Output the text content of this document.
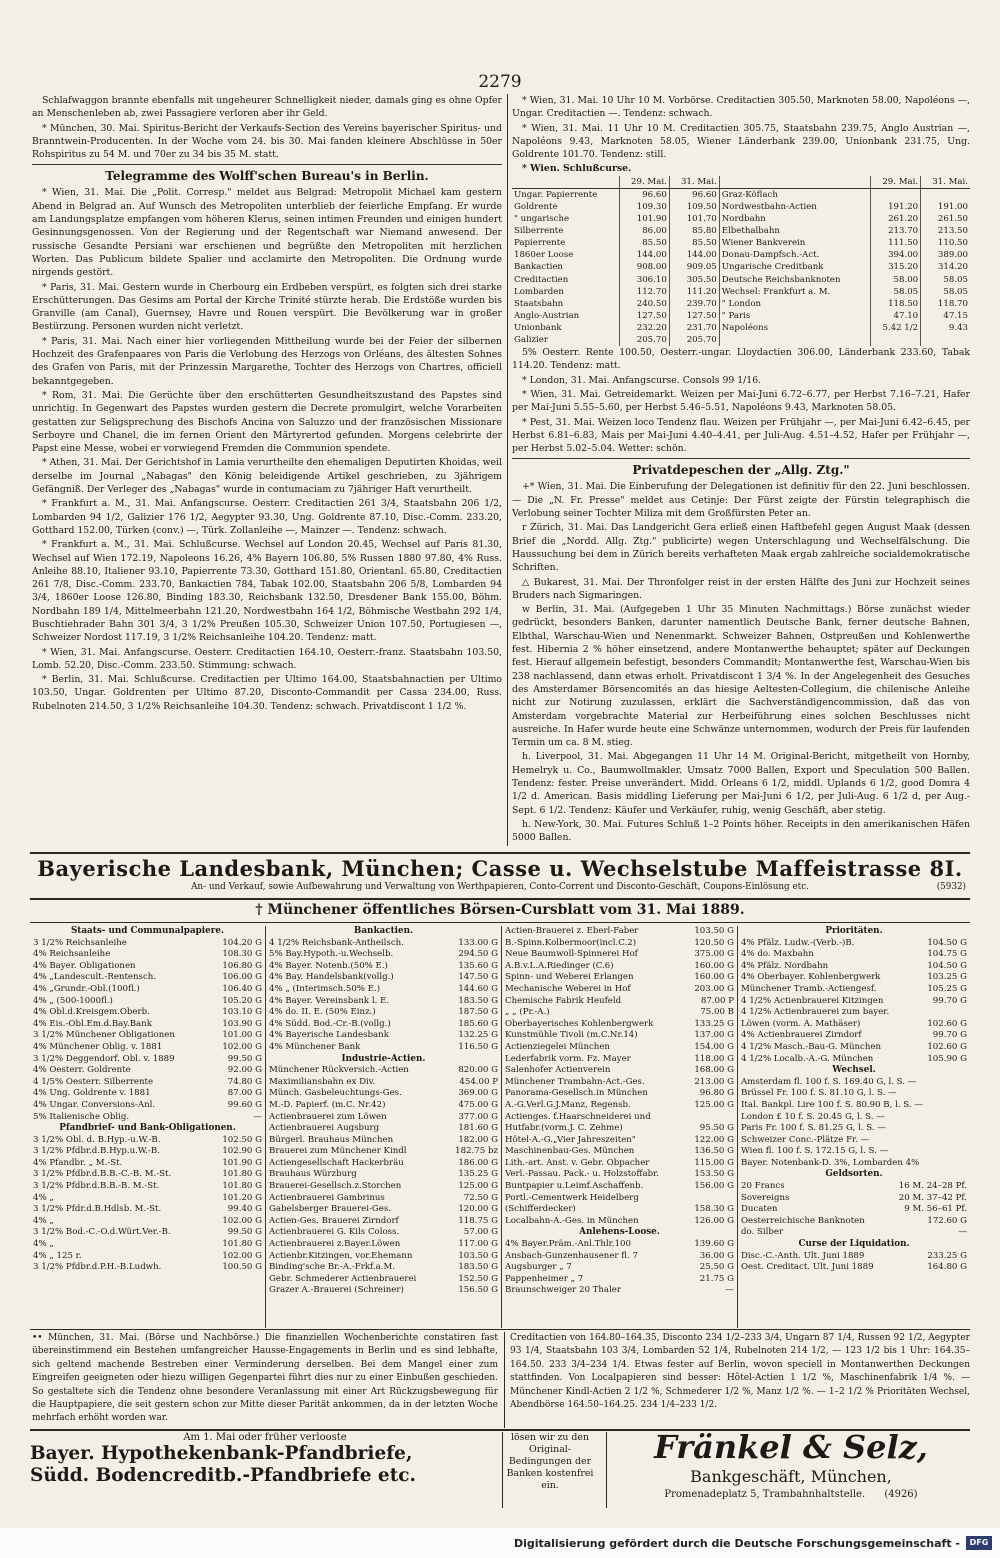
2279

Schlafwaggon brannte ebenfalls mit ungeheurer Schnelligkeit nieder, damals ging es ohne Opfer an Menschenleben ab, zwei Passagiere verloren aber ihr Geld.

* München, 30. Mai. Spiritus-Bericht der Verkaufs-Section des Vereins bayerischer Spiritus- und Branntwein-Producenten. In der Woche vom 24. bis 30. Mai fanden kleinere Abschlüsse in 50er Rohspiritus zu 54 M. und 70er zu 34 bis 35 M. statt.

Telegramme des Wolff'schen Bureau's in Berlin.

* Wien, 31. Mai. Die „Polit. Corresp." meldet aus Belgrad: Metropolit Michael kam gestern Abend in Belgrad an. Auf Wunsch des Metropoliten unterblieb der feierliche Empfang. Er wurde am Landungsplatze empfangen vom höheren Klerus, seinen intimen Freunden und einigen hundert Gesinnungsgenossen. Von der Regierung und der Regentschaft war Niemand anwesend. Der russische Gesandte Persiani war erschienen und begrüßte den Metropoliten mit herzlichen Worten. Das Publicum bildete Spalier und acclamirte den Metropoliten. Die Ordnung wurde nirgends gestört.

* Paris, 31. Mai. Gestern wurde in Cherbourg ein Erdbeben verspürt, es folgten sich drei starke Erschütterungen. Das Gesims am Portal der Kirche Trinité stürzte herab. Die Erdstöße wurden bis Granville (am Canal), Guernsey, Havre und Rouen verspürt. Die Bevölkerung war in großer Bestürzung. Personen wurden nicht verletzt.

* Paris, 31. Mai. Nach einer hier vorliegenden Mittheilung wurde bei der Feier der silbernen Hochzeit des Grafenpaares von Paris die Verlobung des Herzogs von Orléans, des ältesten Sohnes des Grafen von Paris, mit der Prinzessin Margarethe, Tochter des Herzogs von Chartres, officiell bekanntgegeben.

* Rom, 31. Mai. Die Gerüchte über den erschütterten Gesundheitszustand des Papstes sind unrichtig. In Gegenwart des Papstes wurden gestern die Decrete promulgirt, welche Vorarbeiten gestatten zur Seligsprechung des Bischofs Ancina von Saluzzo und der französischen Missionare Serboyre und Chanel, die im fernen Orient den Märtyrertod gefunden. Morgens celebrirte der Papst eine Messe, wobei er vorwiegend Fremden die Communion spendete.

* Athen, 31. Mai. Der Gerichtshof in Lamia verurtheilte den ehemaligen Deputirten Khoidas, weil derselbe im Journal „Nabagas" den König beleidigende Artikel geschrieben, zu 3jährigem Gefängniß. Der Verleger des „Nabagas" wurde in contumaciam zu 7jähriger Haft verurtheilt.

* Frankfurt a. M., 31. Mai. Anfangscurse. Oesterr. Creditactien 261 3/4, Staatsbahn 206 1/2, Lombarden 94 1/2, Galizier 176 1/2, Aegypter 93.30, Ung. Goldrente 87.10, Disc.-Comm. 233.20, Gotthard 152.00, Türken (conv.) —, Türk. Zollanleihe —, Mainzer —. Tendenz: schwach.

* Frankfurt a. M., 31. Mai. Schlußcurse. Wechsel auf London 20.45, Wechsel auf Paris 81.30, Wechsel auf Wien 172.19, Napoleons 16.26, 4% Bayern 106.80, 5% Russen 1880 97.80, 4% Russ. Anleihe 88.10, Italiener 93.10, Papierrente 73.30, Gotthard 151.80, Orientanl. 65.80, Creditactien 261 7/8, Disc.-Comm. 233.70, Bankactien 784, Tabak 102.00, Staatsbahn 206 5/8, Lombarden 94 3/4, 1860er Loose 126.80, Binding 183.30, Reichsbank 132.50, Dresdener Bank 155.00, Böhm. Nordbahn 189 1/4, Mittelmeerbahn 121.20, Nordwestbahn 164 1/2, Böhmische Westbahn 292 1/4, Buschtiehrader Bahn 301 3/4, 3 1/2% Preußen 105.30, Schweizer Union 107.50, Portugiesen —, Schweizer Nordost 117.19, 3 1/2% Reichsanleihe 104.20. Tendenz: matt.

* Wien, 31. Mai. Anfangscurse. Oesterr. Creditactien 164.10, Oesterr.-franz. Staatsbahn 103.50, Lomb. 52.20, Disc.-Comm. 233.50. Stimmung: schwach.

* Berlin, 31. Mai. Schlußcurse. Creditactien per Ultimo 164.00, Staatsbahnactien per Ultimo 103.50, Ungar. Goldrenten per Ultimo 87.20, Disconto-Commandit per Cassa 234.00, Russ. Rubelnoten 214.50, 3 1/2% Reichsanleihe 104.30. Tendenz: schwach. Privatdiscont 1 1/2 %.

* Wien, 31. Mai. 10 Uhr 10 M. Vorbörse. Creditactien 305.50, Marknoten 58.00, Napoléons —, Ungar. Creditactien —. Tendenz: schwach.

* Wien, 31. Mai. 11 Uhr 10 M. Creditactien 305.75, Staatsbahn 239.75, Anglo Austrian —, Napoléons 9.43, Marknoten 58.05, Wiener Länderbank 239.00, Unionbank 231.75, Ung. Goldrente 101.70. Tendenz: still.

* Wien. Schlußcurse.
	29. Mai.	31. Mai.		29. Mai.	31. Mai.
Ungar. Papierrente	96.60	96.60	Graz-Köflach		
Goldrente	109.30	109.50	Nordwestbahn-Actien	191.20	191.00
" ungarische	101.90	101.70	Nordbahn	261.20	261.50
Silberrente	86.00	85.80	Elbethalbahn	213.70	213.50
Papierrente	85.50	85.50	Wiener Bankverein	111.50	110.50
1860er Loose	144.00	144.00	Donau-Dampfsch.-Act.	394.00	389.00
Bankactien	908.00	909.05	Ungarische Creditbank	315.20	314.20
Creditactien	306.10	305.50	Deutsche Reichsbanknoten	58.00	58.05
Lombarden	112.70	111.20	Wechsel: Frankfurt a. M.	58.05	58.05
Staatsbahn	240.50	239.70	" London	118.50	118.70
Anglo-Austrian	127.50	127.50	" Paris	47.10	47.15
Unionbank	232.20	231.70	Napoléons	5.42 1/2	9.43
Galizier	205.70	205.70			

5% Oesterr. Rente 100.50, Oesterr.-ungar. Lloydactien 306.00, Länderbank 233.60, Tabak 114.20. Tendenz: matt.

* London, 31. Mai. Anfangscurse. Consols 99 1/16.

* Wien, 31. Mai. Getreidemarkt. Weizen per Mai-Juni 6.72–6.77, per Herbst 7.16–7.21, Hafer per Mai-Juni 5.55–5.60, per Herbst 5.46–5.51, Napoléons 9.43, Marknoten 58.05.

* Pest, 31. Mai. Weizen loco Tendenz flau. Weizen per Frühjahr —, per Mai-Juni 6.42–6.45, per Herbst 6.81–6.83, Mais per Mai-Juni 4.40–4.41, per Juli-Aug. 4.51–4.52, Hafer per Frühjahr —, per Herbst 5.02–5.04. Wetter: schön.

Privatdepeschen der „Allg. Ztg."

+* Wien, 31. Mai. Die Einberufung der Delegationen ist definitiv für den 22. Juni beschlossen. — Die „N. Fr. Presse" meldet aus Cetinje: Der Fürst zeigte der Fürstin telegraphisch die Verlobung seiner Tochter Miliza mit dem Großfürsten Peter an.

r Zürich, 31. Mai. Das Landgericht Gera erließ einen Haftbefehl gegen August Maak (dessen Brief die „Nordd. Allg. Ztg." publicirte) wegen Unterschlagung und Wechselfälschung. Die Haussuchung bei dem in Zürich bereits verhafteten Maak ergab zahlreiche socialdemokratische Schriften.

△ Bukarest, 31. Mai. Der Thronfolger reist in der ersten Hälfte des Juni zur Hochzeit seines Bruders nach Sigmaringen.

w Berlin, 31. Mai. (Aufgegeben 1 Uhr 35 Minuten Nachmittags.) Börse zunächst wieder gedrückt, besonders Banken, darunter namentlich Deutsche Bank, ferner deutsche Bahnen, Elbthal, Warschau-Wien und Nenenmarkt. Schweizer Bahnen, Ostpreußen und Kohlenwerthe fest. Hibernia 2 % höher einsetzend, andere Montanwerthe behauptet; später auf Deckungen fest. Hierauf allgemein befestigt, besonders Commandit; Montanwerthe fest, Warschau-Wien bis 238 nachlassend, dann etwas erholt. Privatdiscont 1 3/4 %. In der Angelegenheit des Gesuches des Amsterdamer Börsencomités an das hiesige Aeltesten-Collegium, die chilenische Anleihe nicht zur Notirung zuzulassen, erklärt die Sachverständigencommission, daß das von Amsterdam vorgebrachte Material zur Herbeiführung eines solchen Beschlusses nicht ausreiche. In Hafer wurde heute eine Schwänze unternommen, wodurch der Preis für laufenden Termin um ca. 8 M. stieg.

h. Liverpool, 31. Mai. Abgegangen 11 Uhr 14 M. Original-Bericht, mitgetheilt von Hornby, Hemelryk u. Co., Baumwollmakler. Umsatz 7000 Ballen, Export und Speculation 500 Ballen. Tendenz: fester. Preise unverändert. Midd. Orleans 6 1/2, middl. Uplands 6 1/2, good Domra 4 1/2 d. American. Basis middling Lieferung per Mai-Juni 6 1/2, per Juli-Aug. 6 1/2 d, per Aug.-Sept. 6 1/2. Tendenz: Käufer und Verkäufer, ruhig, wenig Geschäft, aber stetig.

h. New-York, 30. Mai. Futures Schluß 1–2 Points höher. Receipts in den amerikanischen Häfen 5000 Ballen.

Bayerische Landesbank, München; Casse u. Wechselstube Maffeistrasse 8I.
An- und Verkauf, sowie Aufbewahrung und Verwaltung von Werthpapieren, Conto-Corrent und Disconto-Geschäft, Coupons-Einlösung etc.	(5932)
† Münchener öffentliches Börsen-Cursblatt vom 31. Mai 1889.
Staats- und Communalpapiere.
3 1/2% Reichsanleihe	104.20 G
4% Reichsanleihe	108.30 G
4% Bayer. Obligationen	106.80 G
4% „Landescult.-Rentensch.	106.00 G
4% „Grundr.-Obl.(100fl.)	106.40 G
4% „ (500-1000fl.)	105.20 G
4% Obl.d.Kreisgem.Oberb.	103.10 G
4% Eis.-Obl.Em.d.Bay.Bank	103.90 G
3 1/2% Münchener Obligationen	101.00 G
4% Münchener Oblig. v. 1881	102.00 G
3 1/2% Deggendorf. Obl. v. 1889	99.50 G
4% Oesterr. Goldrente	92.00 G
4 1/5% Oesterr. Silberrente	74.80 G
4% Ung. Goldrente v. 1881	87.00 G
4% Ungar. Conversions-Anl.	99.60 G
5% Italienische Oblig.	—
Pfandbrief- und Bank-Obligationen.
3 1/2% Obl. d. B.Hyp.-u.W.-B.	102.50 G
3 1/2% Pfdbr.d.B.Hyp.u.W.-B.	102.90 G
4% Pfandbr. „ M.-St.	101.90 G
3 1/2% Pfdbr.d.B.B.-C.-B. M.-St.	101.80 G
3 1/2% Pfdbr.d.B.B.-B. M.-St.	101.80 G
4% „	101.20 G
3 1/2% Pfdr.d.B.Hdlsb. M.-St.	99.40 G
4% „	102.00 G
3 1/2% Bod.-C.-O.d.Würt.Ver.-B.	99.50 G
4% „	101.80 G
4% „ 125 r.	102.00 G
3 1/2% Pfdbr.d.P.H.-B.Ludwh.	100.50 G
Bankactien.
4 1/2% Reichsbank-Antheilsch.	133.00 G
5% Bay.Hypoth.-u.Wechselb.	294.50 G
4% Bayer. Notenb.(50% E.)	135.60 G
4% Bay. Handelsbank(vollg.)	147.50 G
4% „ (Interimsch.50% E.)	144.60 G
4% Bayer. Vereinsbank l. E.	183.50 G
4% do. II. E. (50% Einz.)	187.50 G
4% Südd. Bod.-Cr.-B.(vollg.)	185.60 G
4% Bayerische Landesbank	132.25 G
4% Münchener Bank	116.50 G
Industrie-Actien.
Münchener Rückversich.-Actien	820.00 G
Maximiliansbahn ex Div.	454.00 P
Münch. Gasbeleuchtungs-Ges.	369.00 G
M.-D. Papierf. (m.C. Nr.42)	475.00 G
Actienbrauerei zum Löwen	377.00 G
Actienbrauerei Augsburg	181.60 G
Bürgerl. Brauhaus München	182.00 G
Brauerei zum Münchener Kindl	182.75 bz
Actiengesellschaft Hackerbräu	186.00 G
Brauhaus Würzburg	135.25 G
Brauerei-Gesellsch.z.Storchen	125.00 G
Actienbrauerei Gambrinus	72.50 G
Gabelsberger Brauerei-Ges.	120.00 G
Actien-Ges. Brauerei Zirndorf	118.75 G
Actienbrauerei G. Kils Coloss.	57.00 G
Actienbrauerei z.Bayer.Löwen	117.00 G
Actienbr.Kitzingen, vor.Ehemann	103.50 G
Binding'sche Br.-A.-Frkf.a.M.	183.50 G
Gebr. Schmederer Actienbrauerei	152.50 G
Grazer A.-Brauerei (Schreiner)	156.50 G
Actien-Brauerei z. Eberl-Faber	103.50 G
B.-Spinn.Kolbermoor(incl.C.2)	120.50 G
Neue Baumwoll-Spinnerei Hof	375.00 G
A.B.v.L.A.Riedinger (C.6)	160.00 G
Spinn- und Weberei Erlangen	160.00 G
Mechanische Weberei in Hof	203.00 G
Chemische Fabrik Heufeld	87.00 P
„ „ (Pr.-A.)	75.00 B
Oberbayerisches Kohlenbergwerk	133.25 G
Kunstmühle Tivoli (m.C.Nr.14)	137.00 G
Actienziegelei München	154.00 G
Lederfabrik vorm. Fz. Mayer	118.00 G
Salenhofer Actienverein	168.00 G
Münchener Trambahn-Act.-Ges.	213.00 G
Panorama-Gesellsch.in München	96.80 G
A.-G.Verl.G.J.Manz, Regensb.	125.00 G
Actienges. f.Haarschneiderei und
Hutfabr.(vorm.J. C. Zehme)	95.50 G
Hôtel-A.-G.„Vier Jahreszeiten"	122.00 G
Maschinenbau-Ges. München	136.50 G
Lith.-art. Anst. v. Gebr. Obpacher	115.00 G
Verl.-Passau. Pack.- u. Holzstoffabr.	153.50 G
Buntpapier u.Leimf.Aschaffenb.	156.00 G
Portl.-Cementwerk Heidelberg
(Schifferdecker)	158.30 G
Localbahn-A.-Ges. in München	126.00 G
Anlehens-Loose.
4% Bayer.Präm.-Anl.Thlr.100	139.60 G
Ansbach-Gunzenhausener fl. 7	36.00 G
Augsburger „ 7	25.50 G
Pappenheimer „ 7	21.75 G
Braunschweiger 20 Thaler	—
Prioritäten.
4% Pfälz. Ludw.-(Verb.-)B.	104.50 G
4% do. Maxbahn	104.75 G
4% Pfälz. Nordbahn	104.50 G
4% Oberbayer. Kohlenbergwerk	103.25 G
Münchener Tramb.-Actiengesf.	105.25 G
4 1/2% Actienbrauerei Kitzingen	99.70 G
4 1/2% Actienbrauerei zum bayer.
Löwen (vorm. A. Mathäser)	102.60 G
4% Actienbrauerei Zirndorf	99.70 G
4 1/2% Masch.-Bau-G. München	102.60 G
4 1/2% Localb.-A.-G. München	105.90 G
Wechsel.
Amsterdam fl. 100 f. S. 169.40 G, l. S. —
Brüssel Fr. 100 f. S. 81.10 G, l. S. —
Ital. Bankpl. Lire 100 f. S. 80.90 B, l. S. —
London £ 10 f. S. 20.45 G, l. S. —
Paris Fr. 100 f. S. 81.25 G, l. S. —
Schweizer Conc.-Plätze Fr. —
Wien fl. 100 f. S. 172.15 G, l. S. —
Bayer. Notenbank-D. 3%, Lombarden 4%
Geldsorten.
20 Francs	16 M. 24–28 Pf.
Sovereigns	20 M. 37–42 Pf.
Ducaten	9 M. 56–61 Pf.
Oesterreichische Banknoten	172.60 G
do. Silber	—
Curse der Liquidation.
Disc.-C.-Anth. Ult. Juni 1889	233.25 G
Oest. Creditact. Ult. Juni 1889	164.80 G
•• München, 31. Mai. (Börse und Nachbörse.) Die finanziellen Wochenberichte constatiren fast übereinstimmend ein Bestehen umfangreicher Hausse-Engagements in Berlin und es sind lebhafte, sich geltend machende Bestreben einer Verminderung derselben. Bei dem Mangel einer zum Eingreifen geeigneten oder hiezu willigen Gegenpartei führt dies nur zu einer Einbußen geschieden. So gestaltete sich die Tendenz ohne besondere Veranlassung mit einer Art Rückzugsbewegung für die Hauptpapiere, die seit gestern schon zur Mitte dieser Parität ankommen, da in der letzten Woche mehrfach erhöht worden war.
Creditactien von 164.80–164.35, Disconto 234 1/2–233 3/4, Ungarn 87 1/4, Russen 92 1/2, Aegypter 93 1/4, Staatsbahn 103 3/4, Lombarden 52 1/4, Rubelnoten 214 1/2, — 123 1/2 bis 1 Uhr: 164.35–164.50. 233 3/4–234 1/4. Etwas fester auf Berlin, wovon speciell in Montanwerthen Deckungen stattfinden. Von Localpapieren sind besser: Hôtel-Actien 1 1/2 %, Maschinenfabrik 1/4 %. — Münchener Kindl-Actien 2 1/2 %, Schmederer 1/2 %, Manz 1/2 %. — 1–2 1/2 % Prioritäten Wechsel, Abendbörse 164.50–164.25. 234 1/4–233 1/2.
Am 1. Mai oder früher verlooste
Bayer. Hypothekenbank-Pfandbriefe,
Südd. Bodencreditb.-Pfandbriefe etc.
lösen wir zu den Original-Bedingungen der Banken kostenfrei ein.
Fränkel & Selz,
Bankgeschäft, München,
Promenadeplatz 5, Trambahnhaltstelle. (4926)
Digitalisierung gefördert durch die Deutsche Forschungsgemeinschaft -	DFG
